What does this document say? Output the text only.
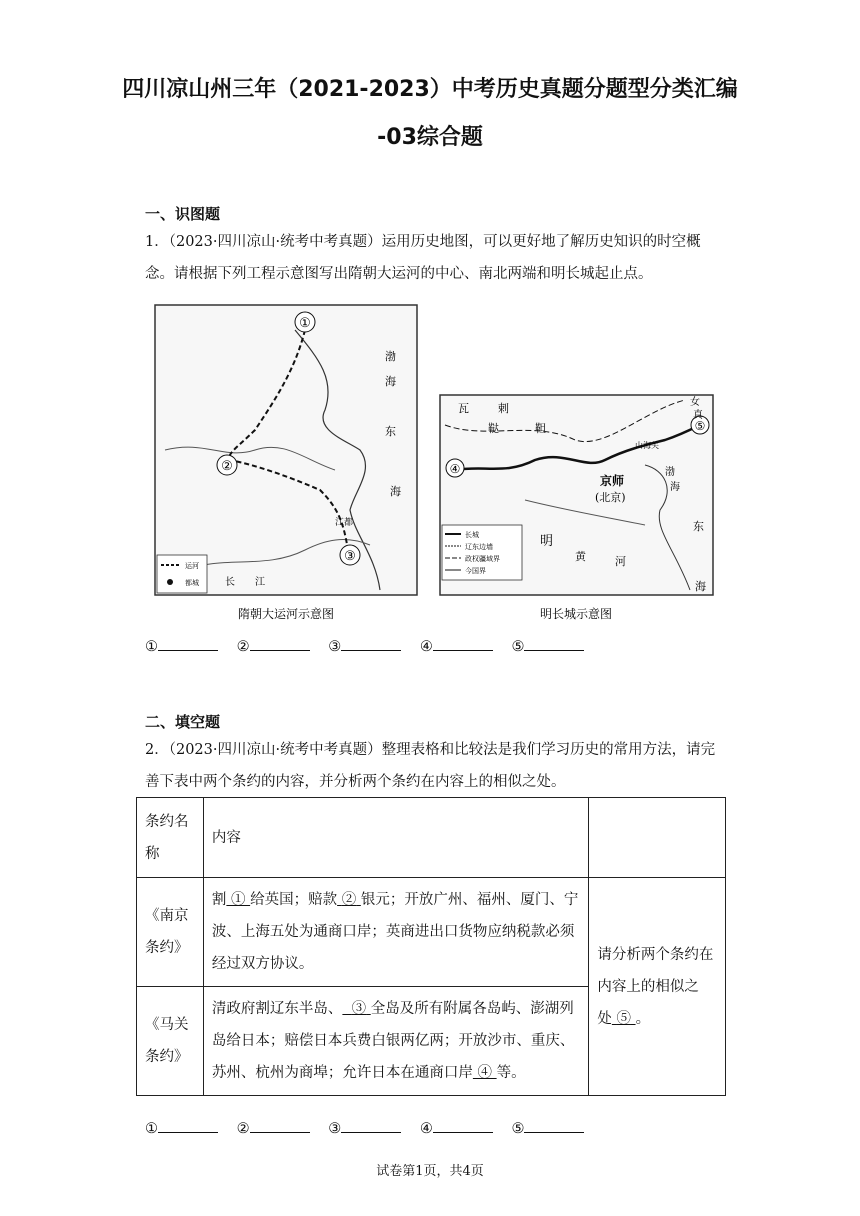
四川凉山州三年（2021-2023）中考历史真题分题型分类汇编
-03综合题
一、识图题
1．（2023·四川凉山·统考中考真题）运用历史地图，可以更好地了解历史知识的时空概念。请根据下列工程示意图写出隋朝大运河的中心、南北两端和明长城起止点。
①
②
③
渤
海
东
海
江都
长 江
运河
都城
隋朝大运河示意图
④
⑤
瓦	剌
鞑	靼
京师
(北京)
明
黄	河
渤
海
东
海
山海关
女
真
长城
辽东边墙
政权疆域界
今国界
明长城示意图
①	②	③	④	⑤
二、填空题
2．（2023·四川凉山·统考中考真题）整理表格和比较法是我们学习历史的常用方法，请完善下表中两个条约的内容，并分析两个条约在内容上的相似之处。
条约名称	内容	
《南京条约》	割 ① 给英国；赔款 ② 银元；开放广州、福州、厦门、宁波、上海五处为通商口岸；英商进出口货物应纳税款必须经过双方协议。	请分析两个条约在内容上的相似之处 ⑤ 。
《马关条约》	清政府割辽东半岛、 ③ 全岛及所有附属各岛屿、澎湖列岛给日本；赔偿日本兵费白银两亿两；开放沙市、重庆、苏州、杭州为商埠；允许日本在通商口岸 ④ 等。	
①	②	③	④	⑤
试卷第1页，共4页
